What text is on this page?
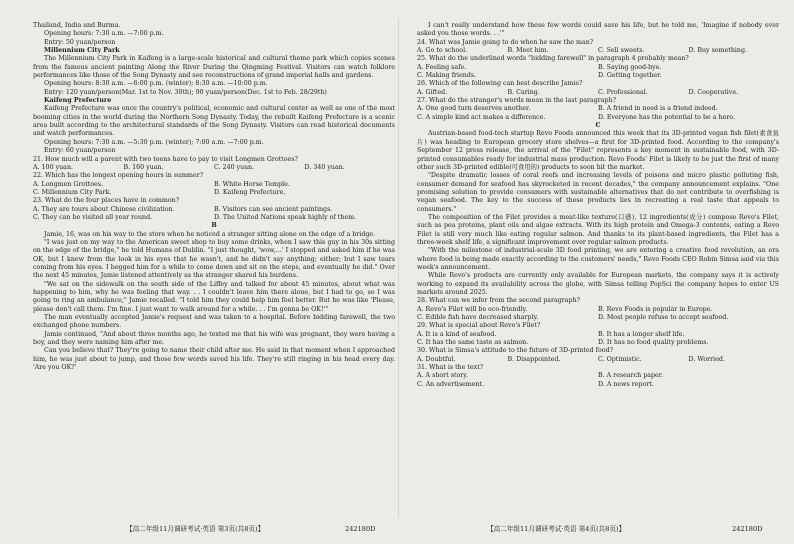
Thailand, India and Burma.

Opening hours: 7:30 a.m. —7:00 p.m.

Entry: 50 yuan/person

Millennium City Park

The Millennium City Park in Kaifeng is a large-scale historical and cultural theme park which copies scenes from the famous ancient painting Along the River During the Qingming Festival. Visitors can watch folklore performances like those of the Song Dynasty and see reconstructions of grand imperial halls and gardens.

Opening hours: 8:30 a.m. —6:00 p.m. (winter); 8:30 a.m. —10:00 p.m.

Entry: 120 yuan/person(Mar. 1st to Nov. 30th); 90 yuan/person(Dec. 1st to Feb. 28/29th)

Kaifeng Prefecture

Kaifeng Prefecture was once the country's political, economic and cultural center as well as one of the most booming cities in the world during the Northern Song Dynasty. Today, the rebuilt Kaifeng Prefecture is a scenic area built according to the architectural standards of the Song Dynasty. Visitors can read historical documents and watch performances.

Opening hours: 7:30 a.m. —5:30 p.m. (winter); 7:00 a.m. —7:00 p.m.

Entry: 60 yuan/person

21. How much will a parent with two teens have to pay to visit Longmen Grottoes?

A. 100 yuan.	B. 160 yuan.	C. 240 yuan.	D. 340 yuan.

22. Which has the longest opening hours in summer?

A. Longmen Grottoes.	B. White Horse Temple.
C. Millennium City Park.	D. Kaifeng Prefecture.

23. What do the four places have in common?

A. They are tours about Chinese civilization.	B. Visitors can see ancient paintings.
C. They can be visited all year round.	D. The United Nations speak highly of them.

B

Jamie, 16, was on his way to the store when he noticed a stranger sitting alone on the edge of a bridge.

"I was just on my way to the American sweet shop to buy some drinks, when I saw this guy in his 30s sitting on the edge of the bridge," he told Humans of Dublin. "I just thought, 'wow,...' I stopped and asked him if he was OK, but I knew from the look in his eyes that he wasn't, and he didn't say anything; either; but I saw tears coming from his eyes. I begged him for a while to come down and sit on the steps, and eventually he did." Over the next 45 minutes, Jamie listened attentively as the stranger shared his burdens.

"We sat on the sidewalk on the south side of the Liffey and talked for about 45 minutes, about what was happening to him, why he was feeling that way. . . I couldn't leave him there alone, but I had to go, so I was going to ring an ambulance," Jamie recalled. "I told him they could help him feel better. But he was like 'Please, please don't call them. I'm fine. I just want to walk around for a while. . . I'm gonna be OK!'"

The man eventually accepted Jamie's request and was taken to a hospital. Before bidding farewell, the two exchanged phone numbers.

Jamie continued, "And about three months ago, he texted me that his wife was pregnant, they were having a boy, and they were naming him after me.

Can you believe that? They're going to name their child after me. He said in that moment when I approached him, he was just about to jump, and those few words saved his life. They're still ringing in his head every day. 'Are you OK?'

I can't really understand how these few words could save his life, but he told me, 'Imagine if nobody ever asked you those words. . .'"

24. What was Jamie going to do when he saw the man?

A. Go to school.	B. Meet him.	C. Sell sweets.	D. Buy something.

25. What do the underlined words "bidding farewell" in paragraph 4 probably mean?

A. Feeling safe.	B. Saying good-bye.
C. Making friends.	D. Getting together.

26. Which of the following can best describe Jamie?

A. Gifted.	B. Caring.	C. Professional.	D. Cooperative.

27. What do the stranger's words mean in the last paragraph?

A. One good turn deserves another.	B. A friend in need is a friend indeed.
C. A simple kind act makes a difference.	D. Everyone has the potential to be a hero.

C

Austrian-based food-tech startup Revo Foods announced this week that its 3D-printed vegan fish filet(素食鱼片) was heading to European grocery store shelves—a first for 3D-printed food. According to the company's September 12 press release, the arrival of the "Filet" represents a key moment in sustainable food, with 3D-printed consumables ready for industrial mass production. Revo Foods' Filet is likely to be just the first of many other such 3D-printed edible(可食用的) products to soon hit the market.

"Despite dramatic losses of coral reefs and increasing levels of poisons and micro plastic polluting fish, consumer demand for seafood has skyrocketed in recent decades," the company announcement explains. "One promising solution to provide consumers with sustainable alternatives that do not contribute to overfishing is vegan seafood. The key to the success of these products lies in recreating a real taste that appeals to consumers."

The composition of the Filet provides a meat-like texture(口感), 12 ingredients(成分) compose Revo's Filet, such as pea proteins, plant oils and algae extracts. With its high protein and Omega-3 contents, eating a Revo Filet is still very much like eating regular salmon. And thanks to its plant-based ingredients, the Filet has a three-week shelf life, a significant improvement over regular salmon products.

"With the milestone of industrial-scale 3D food printing, we are entering a creative food revolution, an era where food is being made exactly according to the customers' needs," Revo Foods CEO Robin Simsa said via this week's announcement.

While Revo's products are currently only available for European markets, the company says it is actively working to expand its availability across the globe, with Simsa telling PopSci the company hopes to enter US markets around 2025.

28. What can we infer from the second paragraph?

A. Revo's Filet will be eco-friendly.	B. Revo Foods is popular in Europe.
C. Edible fish have decreased sharply.	D. Most people refuse to accept seafood.

29. What is special about Revo's Filet?

A. It is a kind of seafood.	B. It has a longer shelf life.
C. It has the same taste as salmon.	D. It has no food quality problems.

30. What is Simsa's attitude to the future of 3D-printed food?

A. Doubtful.	B. Disappointed.	C. Optimistic.	D. Worried.

31. What is the text?

A. A short story.	B. A research paper.
C. An advertisement.	D. A news report.
【高二年级11月调研考试·英语 第3页(共8页)】	242180D	【高二年级11月调研考试·英语 第4页(共8页)】	242180D
